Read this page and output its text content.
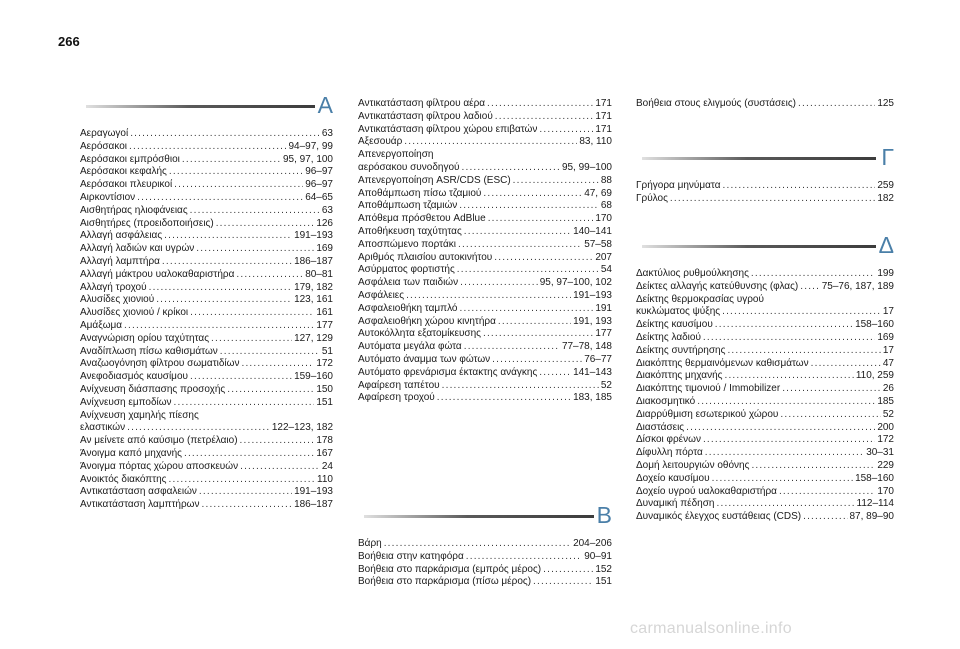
266
A
Αεραγωγοί .....	63
Αερόσακοι .....	94–97, 99
Αερόσακοι εμπρόσθιοι .....	95, 97, 100
Αερόσακοι κεφαλής .....	96–97
Αερόσακοι πλευρικοί .....	96–97
Αιρκοντίσιον .....	64–65
Αισθητήρας ηλιοφάνειας .....	63
Αισθητήρες (προειδοποιήσεις) .....	126
Αλλαγή ασφάλειας .....	191–193
Αλλαγή λαδιών και υγρών .....	169
Αλλαγή λαμπτήρα .....	186–187
Αλλαγή μάκτρου υαλοκαθαριστήρα .....	80–81
Αλλαγή τροχού .....	179, 182
Αλυσίδες χιονιού .....	123, 161
Αλυσίδες χιονιού / κρίκοι .....	161
Αμάξωμα .....	177
Αναγνώριση ορίου ταχύτητας .....	127, 129
Αναδίπλωση πίσω καθισμάτων .....	51
Αναζωογόνηση φίλτρου σωματιδίων .....	172
Ανεφοδιασμός καυσίμου .....	159–160
Ανίχνευση διάσπασης προσοχής .....	150
Ανίχνευση εμποδίων .....	151
Ανίχνευση χαμηλής πίεσης
ελαστικών .....	122–123, 182
Αν μείνετε από καύσιμο (πετρέλαιο) .....	178
Άνοιγμα καπό μηχανής .....	167
Άνοιγμα πόρτας χώρου αποσκευών .....	24
Ανοικτός διακόπτης .....	110
Αντικατάσταση ασφαλειών .....	191–193
Αντικατάσταση λαμπτήρων .....	186–187
Αντικατάσταση φίλτρου αέρα .....	171
Αντικατάσταση φίλτρου λαδιού .....	171
Αντικατάσταση φίλτρου χώρου επιβατών .....	171
Αξεσουάρ .....	83, 110
Απενεργοποίηση
αερόσακου συνοδηγού .....	95, 99–100
Απενεργοποίηση ASR/CDS (ESC) .....	88
Αποθάμπωση πίσω τζαμιού .....	47, 69
Αποθάμπωση τζαμιών .....	68
Απόθεμα πρόσθετου AdBlue .....	170
Αποθήκευση ταχύτητας .....	140–141
Αποσπώμενο πορτάκι .....	57–58
Αριθμός πλαισίου αυτοκινήτου .....	207
Ασύρματος φορτιστής .....	54
Ασφάλεια των παιδιών .....	95, 97–100, 102
Ασφάλειες .....	191–193
Ασφαλειοθήκη ταμπλό .....	191
Ασφαλειοθήκη χώρου κινητήρα .....	191, 193
Αυτοκόλλητα εξατομίκευσης .....	177
Αυτόματα μεγάλα φώτα .....	77–78, 148
Αυτόματο άναμμα των φώτων .....	76–77
Αυτόματο φρενάρισμα έκτακτης ανάγκης .....	141–143
Αφαίρεση ταπέτου .....	52
Αφαίρεση τροχού .....	183, 185
B
Βάρη .....	204–206
Βοήθεια στην κατηφόρα .....	90–91
Βοήθεια στο παρκάρισμα (εμπρός μέρος) .....	152
Βοήθεια στο παρκάρισμα (πίσω μέρος) .....	151
Βοήθεια στους ελιγμούς (συστάσεις) .....	125
Γ
Γρήγορα μηνύματα .....	259
Γρύλος .....	182
Δ
Δακτύλιος ρυθμούλκησης .....	199
Δείκτες αλλαγής κατεύθυνσης (φλας) ..... 75–76, 187, 189
Δείκτης θερμοκρασίας υγρού
κυκλώματος ψύξης .....	17
Δείκτης καυσίμου .....	158–160
Δείκτης λαδιού .....	169
Δείκτης συντήρησης .....	17
Διακόπτης θερμαινόμενων καθισμάτων .....	47
Διακόπτης μηχανής .....	110, 259
Διακόπτης τιμονιού / Immobilizer .....	26
Διακοσμητικό .....	185
Διαρρύθμιση εσωτερικού χώρου .....	52
Διαστάσεις .....	200
Δίσκοι φρένων .....	172
Δίφυλλη πόρτα .....	30–31
Δομή λειτουργιών οθόνης .....	229
Δοχείο καυσίμου .....	158–160
Δοχείο υγρού υαλοκαθαριστήρα .....	170
Δυναμική πέδηση .....	112–114
Δυναμικός έλεγχος ευστάθειας (CDS) .....	87, 89–90
carmanualsonline.info
